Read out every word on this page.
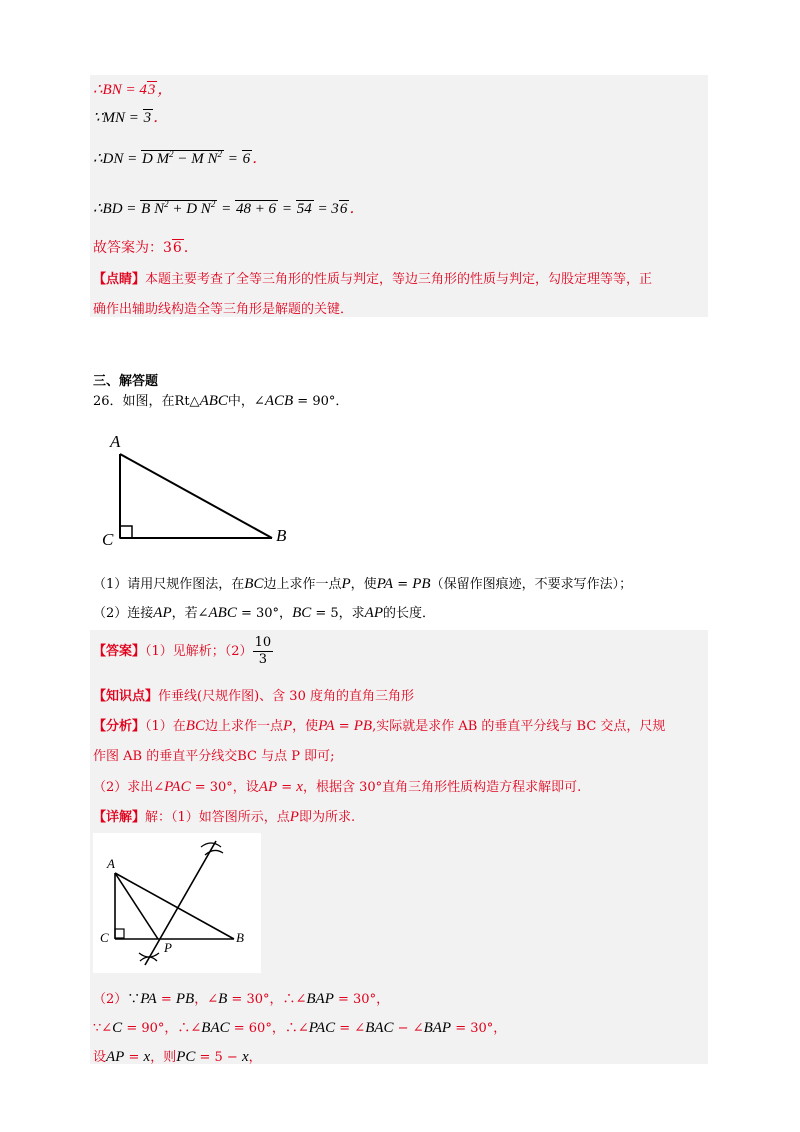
∴BN = 43 ，
∵MN = 3 ．
∴DN = D $M^2 - M$ $N^2 = 6$ ．
∴BD = B $N^2 + D$ $N^2 = 48 + 6 = 54 = 36$ ．
故答案为：36 ．
【点睛】本题主要考查了全等三角形的性质与判定，等边三角形的性质与判定，勾股定理等等，正
确作出辅助线构造全等三角形是解题的关键．
三、解答题
26．如图，在Rt△ABC中，∠ACB = 90°．
A
C	B
（1）请用尺规作图法，在BC边上求作一点P，使PA = PB（保留作图痕迹，不要求写作法）；
（2）连接AP，若∠ABC = 30°，BC = 5，求AP的长度．
【答案】（1）见解析；$(2) \frac{10}{3}$
【知识点】作垂线(尺规作图)、含 30 度角的直角三角形
【分析】（1）在BC边上求作一点P，使PA = PB,实际就是求作 AB 的垂直平分线与 BC 交点，尺规
作图 AB 的垂直平分线交BC 与点 P 即可;
（2）求出∠PAC = 30°，设AP = x，根据含 30°直角三角形性质构造方程求解即可.
【详解】解：（1）如答图所示，点P即为所求.
A
C
P
B
（2）∵PA = PB，∠B = 30°，∴∠BAP = 30°，
∵∠C = 90°，∴∠BAC = 60°，∴∠PAC = ∠BAC − ∠BAP = 30°，
设AP = x，则PC = 5 − x，
